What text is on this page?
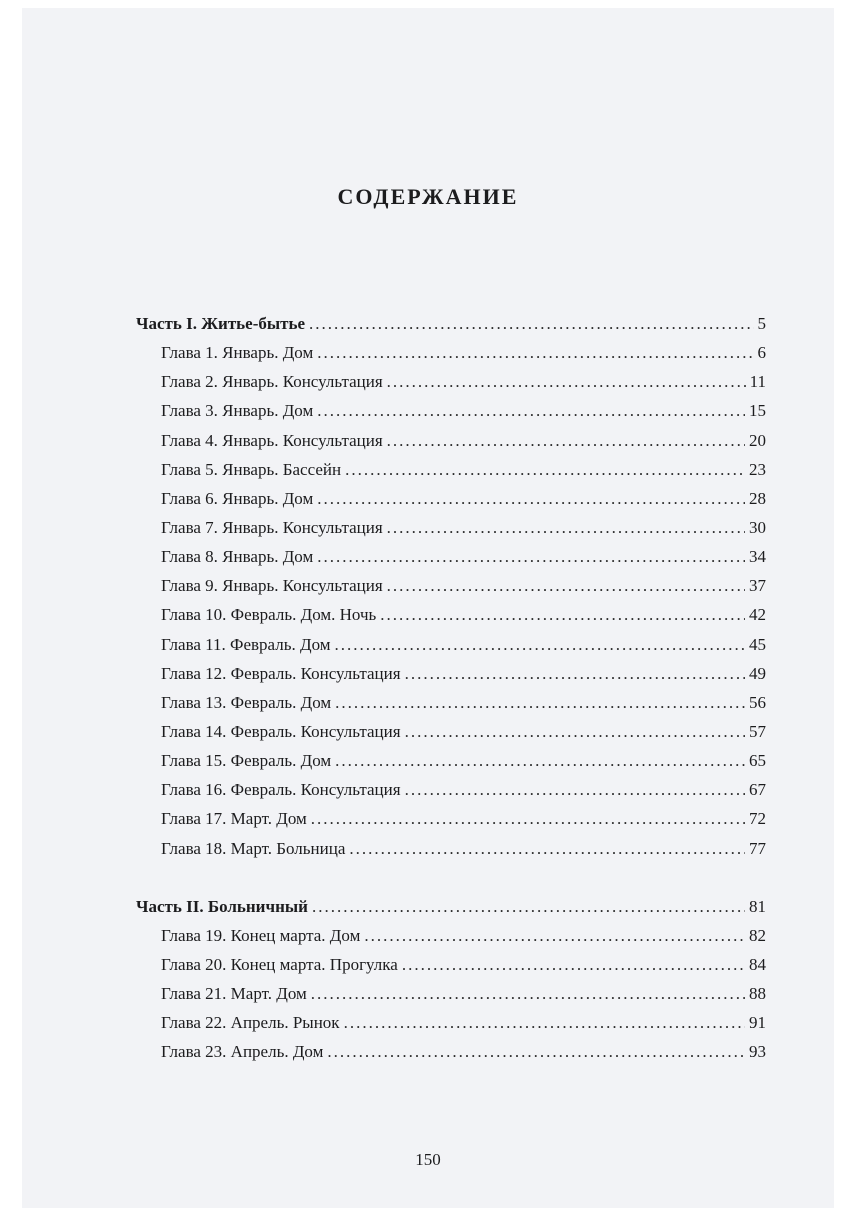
СОДЕРЖАНИЕ
Часть I. Житье-бытье .....	5
Глава 1. Январь. Дом .....	6
Глава 2. Январь. Консультация .....	11
Глава 3. Январь. Дом .....	15
Глава 4. Январь. Консультация .....	20
Глава 5. Январь. Бассейн .....	23
Глава 6. Январь. Дом .....	28
Глава 7. Январь. Консультация .....	30
Глава 8. Январь. Дом .....	34
Глава 9. Январь. Консультация .....	37
Глава 10. Февраль. Дом. Ночь .....	42
Глава 11. Февраль. Дом .....	45
Глава 12. Февраль. Консультация .....	49
Глава 13. Февраль. Дом .....	56
Глава 14. Февраль. Консультация .....	57
Глава 15. Февраль. Дом .....	65
Глава 16. Февраль. Консультация .....	67
Глава 17. Март. Дом .....	72
Глава 18. Март. Больница .....	77
Часть II. Больничный .....	81
Глава 19. Конец марта. Дом .....	82
Глава 20. Конец марта. Прогулка .....	84
Глава 21. Март. Дом .....	88
Глава 22. Апрель. Рынок .....	91
Глава 23. Апрель. Дом .....	93
150
